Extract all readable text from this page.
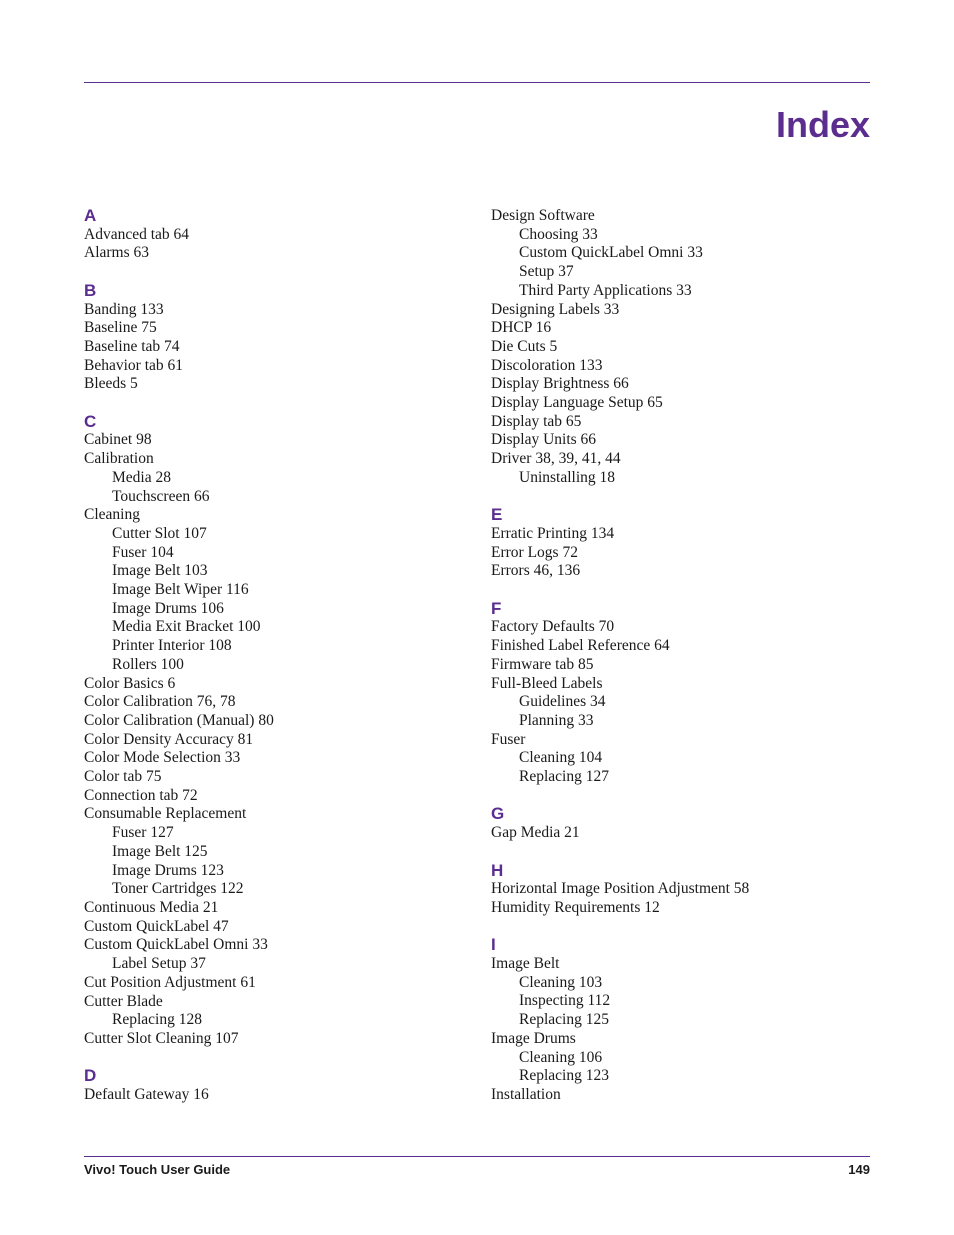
Index
A
Advanced tab 64
Alarms 63
B
Banding 133
Baseline 75
Baseline tab 74
Behavior tab 61
Bleeds 5
C
Cabinet 98
Calibration
Media 28
Touchscreen 66
Cleaning
Cutter Slot 107
Fuser 104
Image Belt 103
Image Belt Wiper 116
Image Drums 106
Media Exit Bracket 100
Printer Interior 108
Rollers 100
Color Basics 6
Color Calibration 76, 78
Color Calibration (Manual) 80
Color Density Accuracy 81
Color Mode Selection 33
Color tab 75
Connection tab 72
Consumable Replacement
Fuser 127
Image Belt 125
Image Drums 123
Toner Cartridges 122
Continuous Media 21
Custom QuickLabel 47
Custom QuickLabel Omni 33
Label Setup 37
Cut Position Adjustment 61
Cutter Blade
Replacing 128
Cutter Slot Cleaning 107
D
Default Gateway 16
Design Software
Choosing 33
Custom QuickLabel Omni 33
Setup 37
Third Party Applications 33
Designing Labels 33
DHCP 16
Die Cuts 5
Discoloration 133
Display Brightness 66
Display Language Setup 65
Display tab 65
Display Units 66
Driver 38, 39, 41, 44
Uninstalling 18
E
Erratic Printing 134
Error Logs 72
Errors 46, 136
F
Factory Defaults 70
Finished Label Reference 64
Firmware tab 85
Full-Bleed Labels
Guidelines 34
Planning 33
Fuser
Cleaning 104
Replacing 127
G
Gap Media 21
H
Horizontal Image Position Adjustment 58
Humidity Requirements 12
I
Image Belt
Cleaning 103
Inspecting 112
Replacing 125
Image Drums
Cleaning 106
Replacing 123
Installation
Vivo! Touch User Guide	149
